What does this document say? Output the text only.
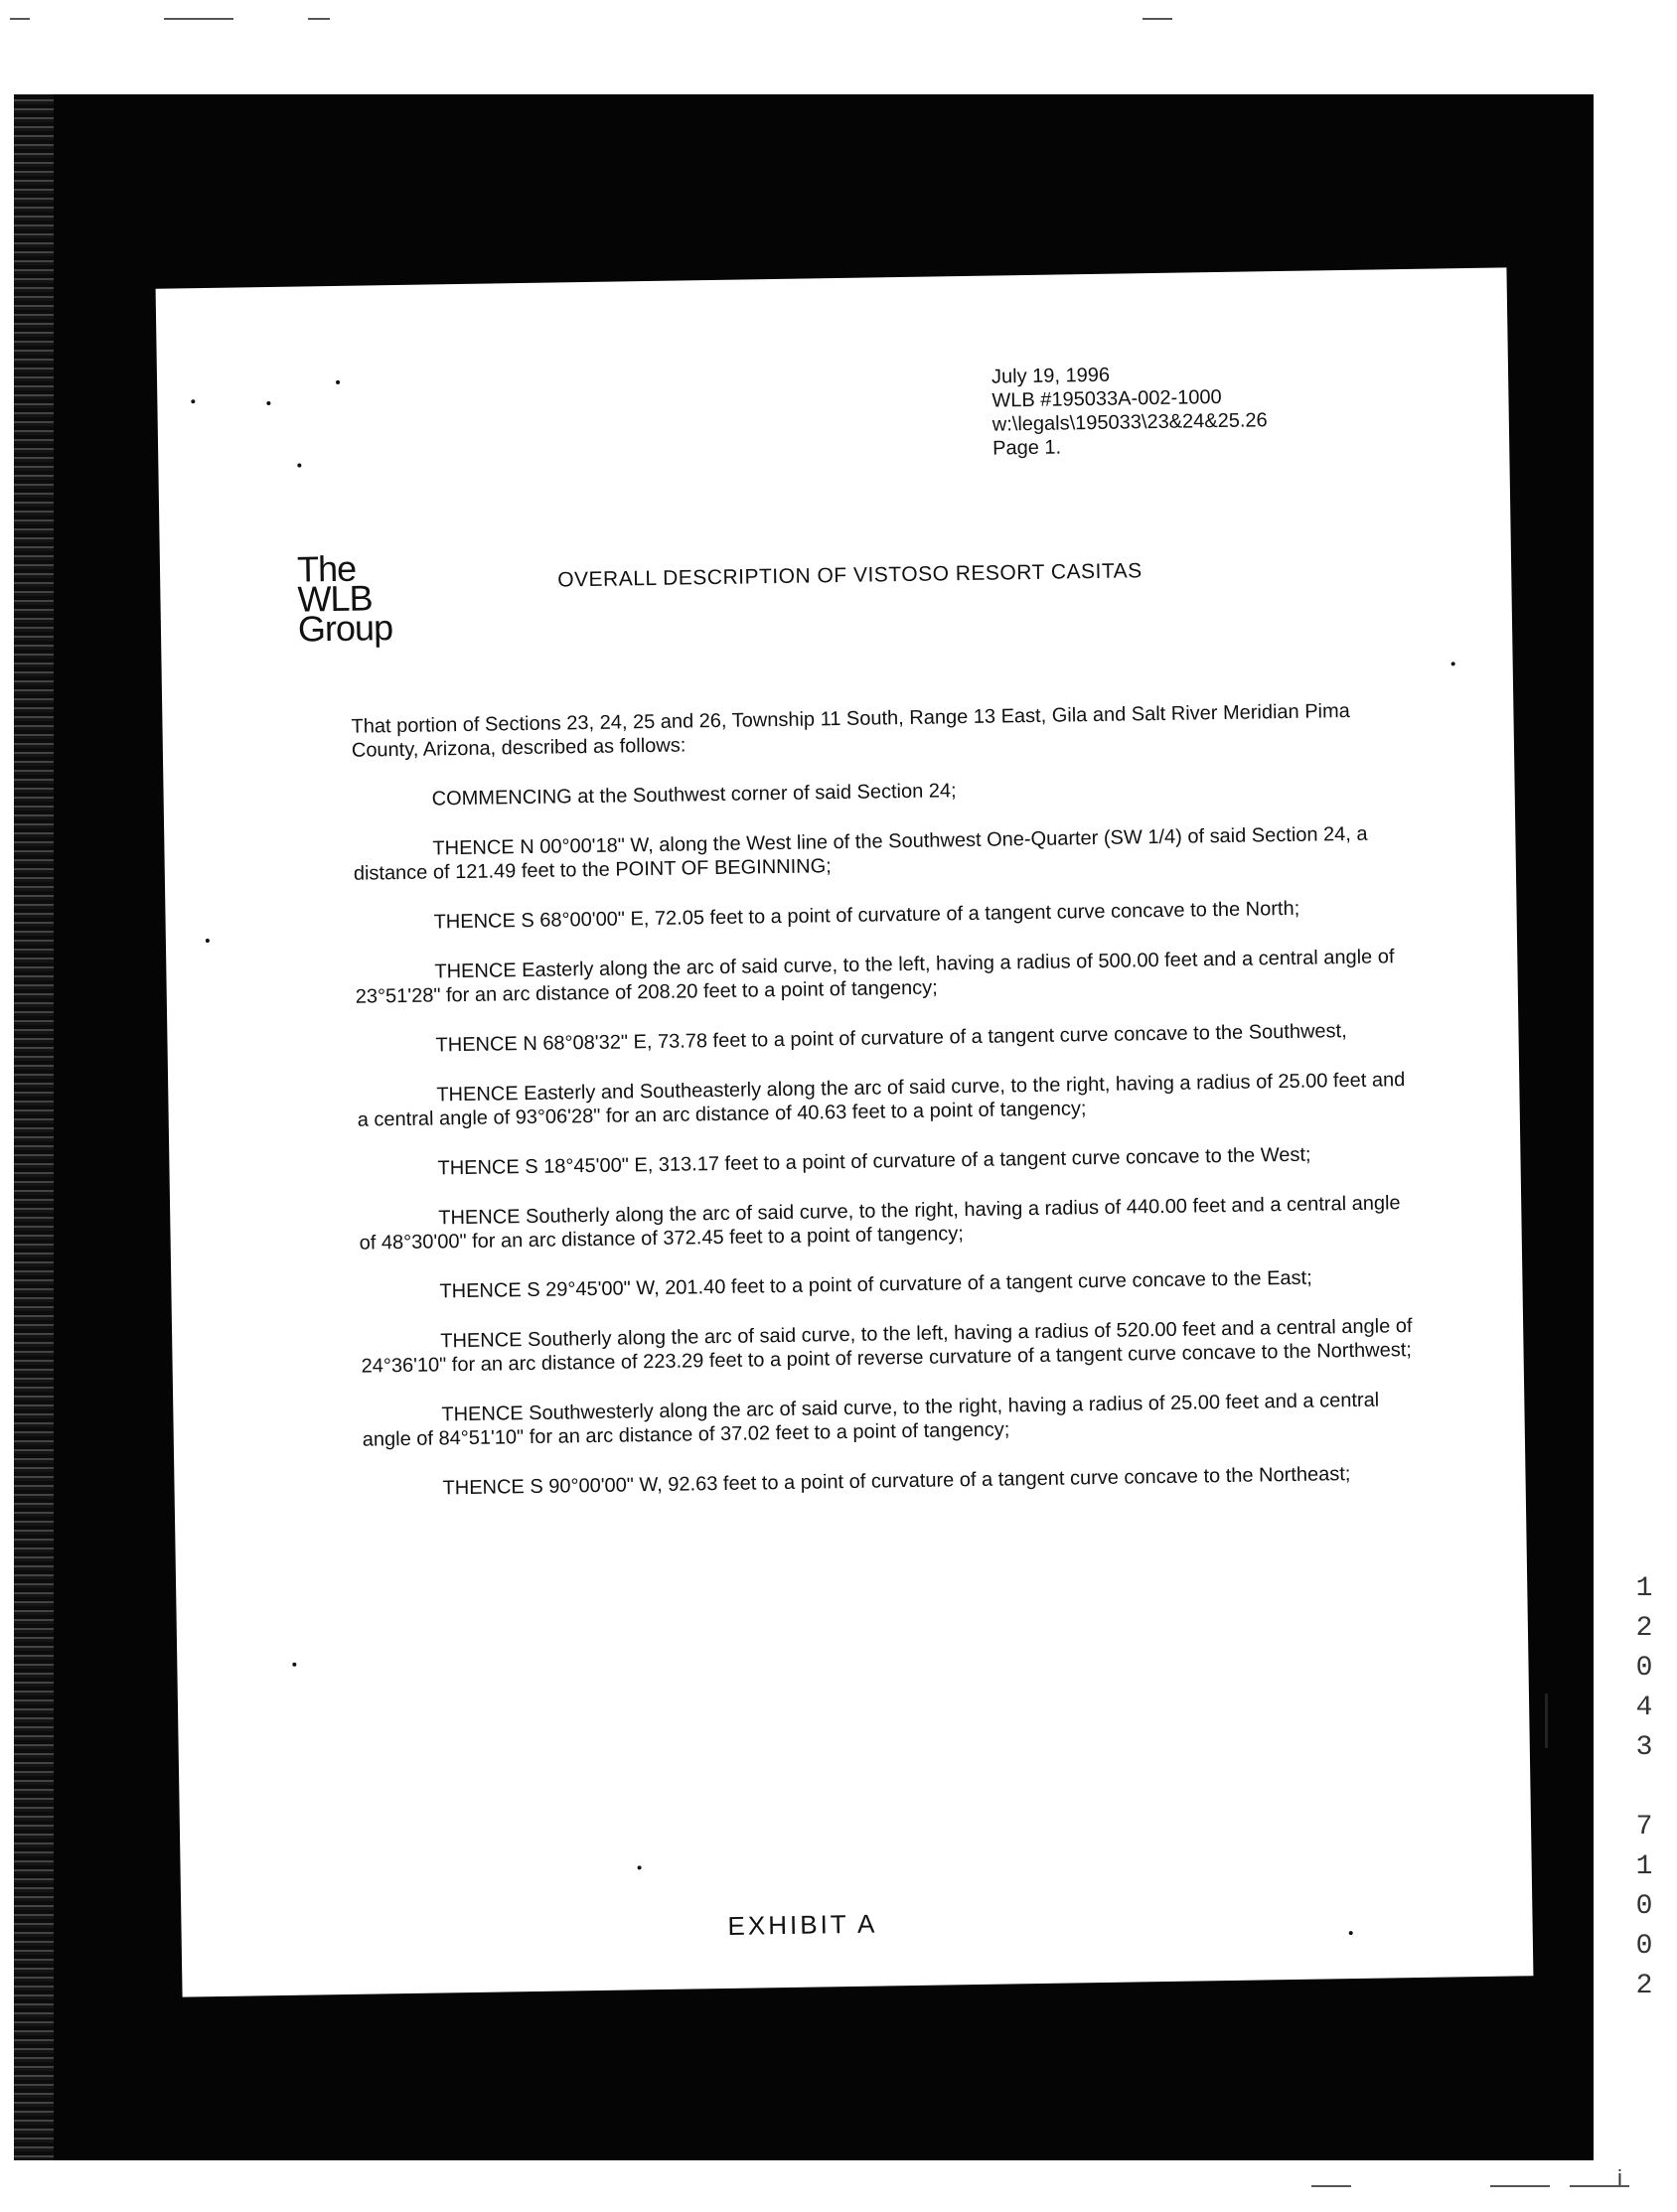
July 19, 1996
WLB #195033A-002-1000
w:\legals\195033\23&24&25.26
Page 1.
The
WLB
Group
OVERALL DESCRIPTION OF VISTOSO RESORT CASITAS

That portion of Sections 23, 24, 25 and 26, Township 11 South, Range 13 East, Gila and Salt River Meridian Pima County, Arizona, described as follows:

COMMENCING at the Southwest corner of said Section 24;

THENCE N 00°00'18" W, along the West line of the Southwest One-Quarter (SW 1/4) of said Section 24, a distance of 121.49 feet to the POINT OF BEGINNING;

THENCE S 68°00'00" E, 72.05 feet to a point of curvature of a tangent curve concave to the North;

THENCE Easterly along the arc of said curve, to the left, having a radius of 500.00 feet and a central angle of 23°51'28" for an arc distance of 208.20 feet to a point of tangency;

THENCE N 68°08'32" E, 73.78 feet to a point of curvature of a tangent curve concave to the Southwest,

THENCE Easterly and Southeasterly along the arc of said curve, to the right, having a radius of 25.00 feet and a central angle of 93°06'28" for an arc distance of 40.63 feet to a point of tangency;

THENCE S 18°45'00" E, 313.17 feet to a point of curvature of a tangent curve concave to the West;

THENCE Southerly along the arc of said curve, to the right, having a radius of 440.00 feet and a central angle of 48°30'00" for an arc distance of 372.45 feet to a point of tangency;

THENCE S 29°45'00" W, 201.40 feet to a point of curvature of a tangent curve concave to the East;

THENCE Southerly along the arc of said curve, to the left, having a radius of 520.00 feet and a central angle of 24°36'10" for an arc distance of 223.29 feet to a point of reverse curvature of a tangent curve concave to the Northwest;

THENCE Southwesterly along the arc of said curve, to the right, having a radius of 25.00 feet and a central angle of 84°51'10" for an arc distance of 37.02 feet to a point of tangency;

THENCE S 90°00'00" W, 92.63 feet to a point of curvature of a tangent curve concave to the Northeast;

EXHIBIT A
1
2
0
4
3
7
1
0
0
2
i
